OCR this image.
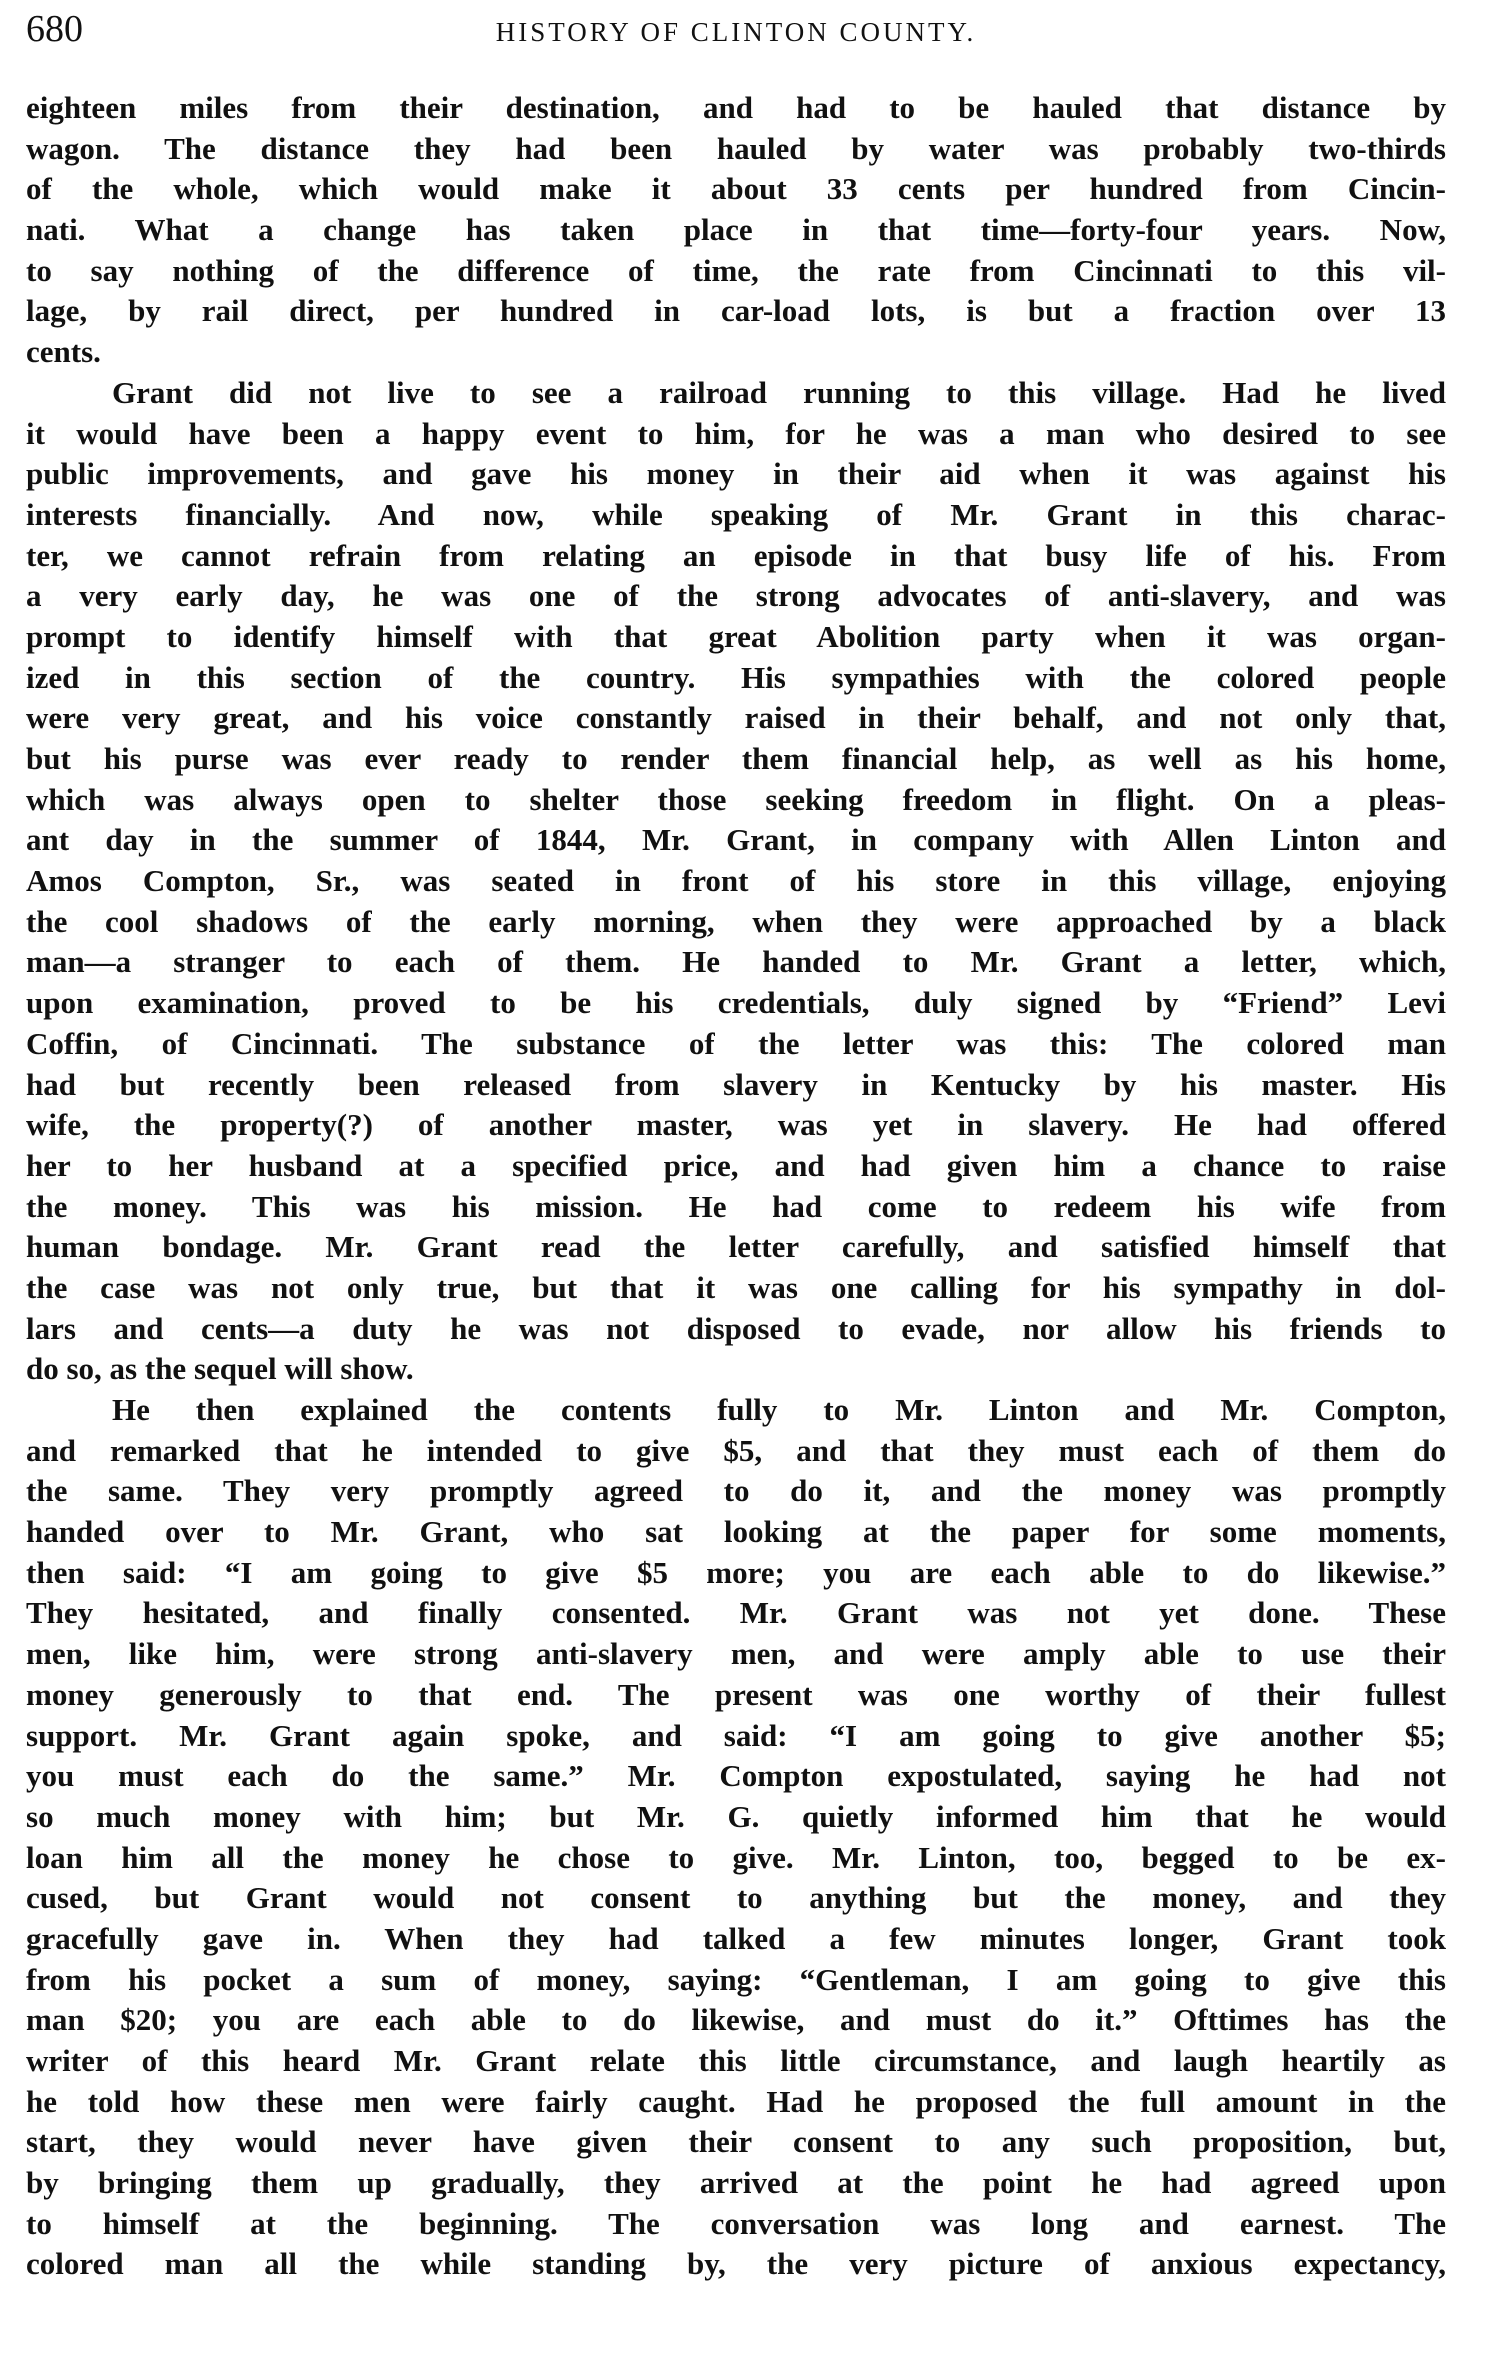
680	HISTORY OF CLINTON COUNTY.
eighteen miles from their destination, and had to be hauled that distance by
wagon. The distance they had been hauled by water was probably two-thirds
of the whole, which would make it about 33 cents per hundred from Cincin-
nati. What a change has taken place in that time—forty-four years. Now,
to say nothing of the difference of time, the rate from Cincinnati to this vil-
lage, by rail direct, per hundred in car-load lots, is but a fraction over 13
cents.
Grant did not live to see a railroad running to this village. Had he lived
it would have been a happy event to him, for he was a man who desired to see
public improvements, and gave his money in their aid when it was against his
interests financially. And now, while speaking of Mr. Grant in this charac-
ter, we cannot refrain from relating an episode in that busy life of his. From
a very early day, he was one of the strong advocates of anti-slavery, and was
prompt to identify himself with that great Abolition party when it was organ-
ized in this section of the country. His sympathies with the colored people
were very great, and his voice constantly raised in their behalf, and not only that,
but his purse was ever ready to render them financial help, as well as his home,
which was always open to shelter those seeking freedom in flight. On a pleas-
ant day in the summer of 1844, Mr. Grant, in company with Allen Linton and
Amos Compton, Sr., was seated in front of his store in this village, enjoying
the cool shadows of the early morning, when they were approached by a black
man—a stranger to each of them. He handed to Mr. Grant a letter, which,
upon examination, proved to be his credentials, duly signed by “Friend” Levi
Coffin, of Cincinnati. The substance of the letter was this: The colored man
had but recently been released from slavery in Kentucky by his master. His
wife, the property(?) of another master, was yet in slavery. He had offered
her to her husband at a specified price, and had given him a chance to raise
the money. This was his mission. He had come to redeem his wife from
human bondage. Mr. Grant read the letter carefully, and satisfied himself that
the case was not only true, but that it was one calling for his sympathy in dol-
lars and cents—a duty he was not disposed to evade, nor allow his friends to
do so, as the sequel will show.
He then explained the contents fully to Mr. Linton and Mr. Compton,
and remarked that he intended to give $5, and that they must each of them do
the same. They very promptly agreed to do it, and the money was promptly
handed over to Mr. Grant, who sat looking at the paper for some moments,
then said: “I am going to give $5 more; you are each able to do likewise.”
They hesitated, and finally consented. Mr. Grant was not yet done. These
men, like him, were strong anti-slavery men, and were amply able to use their
money generously to that end. The present was one worthy of their fullest
support. Mr. Grant again spoke, and said: “I am going to give another $5;
you must each do the same.” Mr. Compton expostulated, saying he had not
so much money with him; but Mr. G. quietly informed him that he would
loan him all the money he chose to give. Mr. Linton, too, begged to be ex-
cused, but Grant would not consent to anything but the money, and they
gracefully gave in. When they had talked a few minutes longer, Grant took
from his pocket a sum of money, saying: “Gentleman, I am going to give this
man $20; you are each able to do likewise, and must do it.” Ofttimes has the
writer of this heard Mr. Grant relate this little circumstance, and laugh heartily as
he told how these men were fairly caught. Had he proposed the full amount in the
start, they would never have given their consent to any such proposition, but,
by bringing them up gradually, they arrived at the point he had agreed upon
to himself at the beginning. The conversation was long and earnest. The
colored man all the while standing by, the very picture of anxious expectancy,
